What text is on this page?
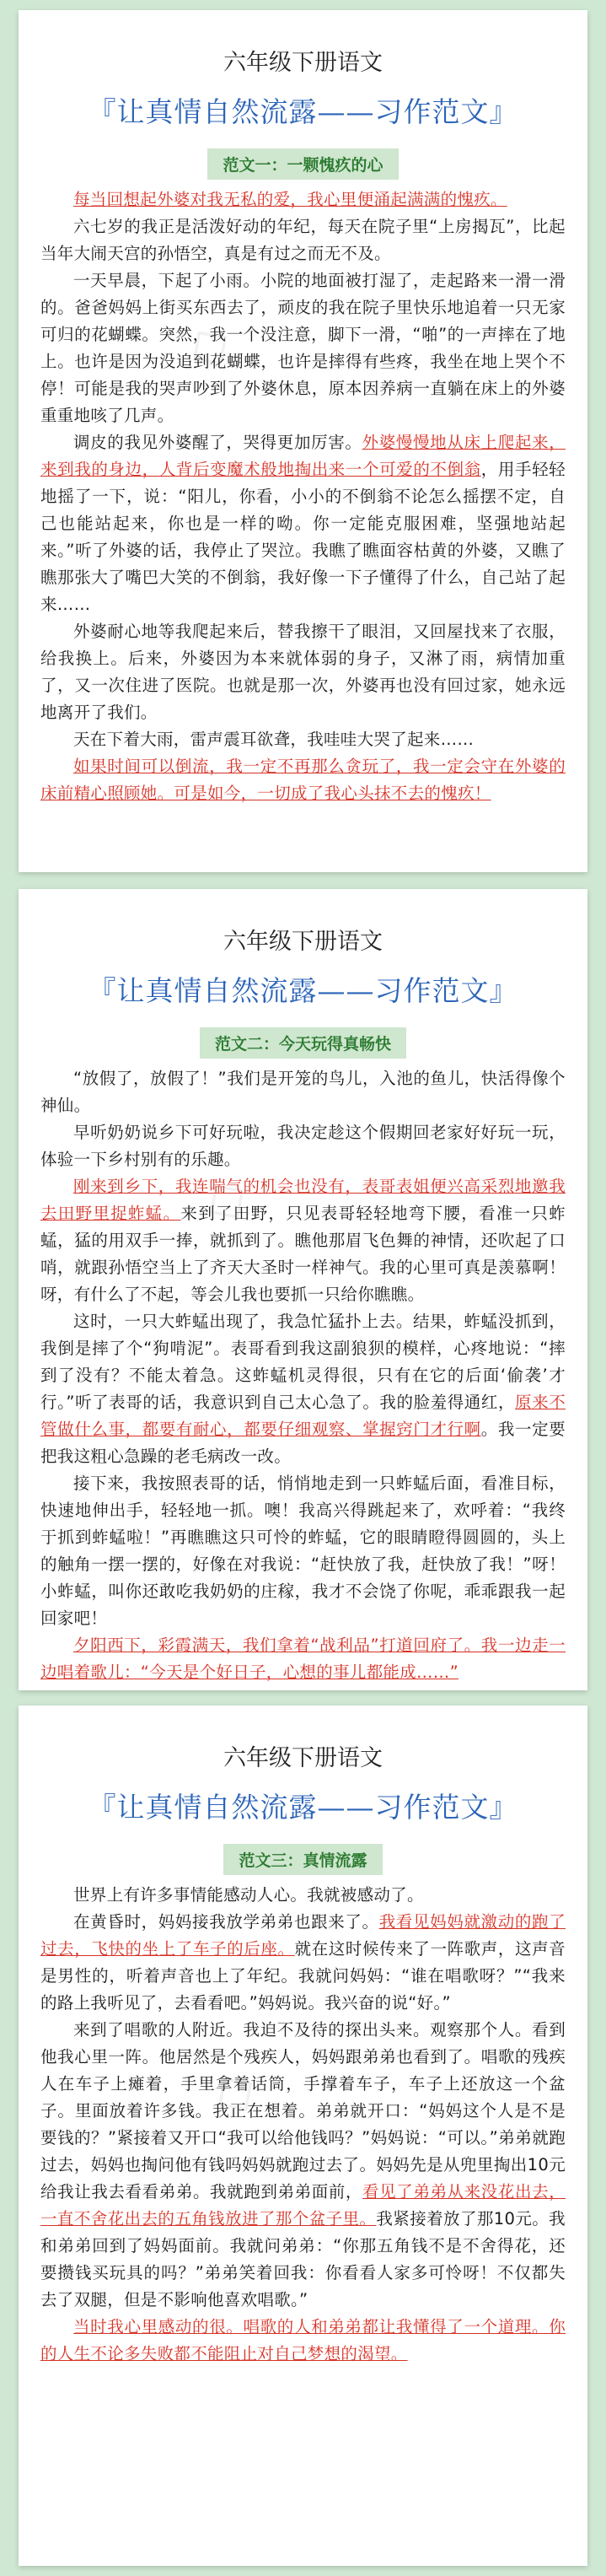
六年级下册语文
『让真情自然流露——习作范文』
范文一：一颗愧疚的心

每当回想起外婆对我无私的爱，我心里便涌起满满的愧疚。

六七岁的我正是活泼好动的年纪，每天在院子里“上房揭瓦”，比起当年大闹天宫的孙悟空，真是有过之而无不及。

一天早晨，下起了小雨。小院的地面被打湿了，走起路来一滑一滑的。爸爸妈妈上街买东西去了，顽皮的我在院子里快乐地追着一只无家可归的花蝴蝶。突然，我一个没注意，脚下一滑，“啪”的一声摔在了地上。也许是因为没追到花蝴蝶，也许是摔得有些疼，我坐在地上哭个不停！可能是我的哭声吵到了外婆休息，原本因养病一直躺在床上的外婆重重地咳了几声。

调皮的我见外婆醒了，哭得更加厉害。外婆慢慢地从床上爬起来，来到我的身边，人背后变魔术般地掏出来一个可爱的不倒翁，用手轻轻地摇了一下，说：“阳儿，你看，小小的不倒翁不论怎么摇摆不定，自己也能站起来，你也是一样的呦。你一定能克服困难，坚强地站起来。”听了外婆的话，我停止了哭泣。我瞧了瞧面容枯黄的外婆，又瞧了瞧那张大了嘴巴大笑的不倒翁，我好像一下子懂得了什么，自己站了起来……

外婆耐心地等我爬起来后，替我擦干了眼泪，又回屋找来了衣服，给我换上。后来，外婆因为本来就体弱的身子，又淋了雨，病情加重了，又一次住进了医院。也就是那一次，外婆再也没有回过家，她永远地离开了我们。

天在下着大雨，雷声震耳欲聋，我哇哇大哭了起来……

如果时间可以倒流，我一定不再那么贪玩了，我一定会守在外婆的床前精心照顾她。可是如今，一切成了我心头抹不去的愧疚！

◇
六年级下册语文
『让真情自然流露——习作范文』
范文二：今天玩得真畅快

“放假了，放假了！”我们是开笼的鸟儿，入池的鱼儿，快活得像个神仙。

早听奶奶说乡下可好玩啦，我决定趁这个假期回老家好好玩一玩，体验一下乡村别有的乐趣。

刚来到乡下，我连喘气的机会也没有，表哥表姐便兴高采烈地邀我去田野里捉蚱蜢。来到了田野，只见表哥轻轻地弯下腰，看准一只蚱蜢，猛的用双手一捧，就抓到了。瞧他那眉飞色舞的神情，还吹起了口哨，就跟孙悟空当上了齐天大圣时一样神气。我的心里可真是羡慕啊！呀，有什么了不起，等会儿我也要抓一只给你瞧瞧。

这时，一只大蚱蜢出现了，我急忙猛扑上去。结果，蚱蜢没抓到，我倒是摔了个“狗啃泥”。表哥看到我这副狼狈的模样，心疼地说：“摔到了没有？不能太着急。这蚱蜢机灵得很，只有在它的后面‘偷袭’才行。”听了表哥的话，我意识到自己太心急了。我的脸羞得通红，原来不管做什么事，都要有耐心，都要仔细观察、掌握窍门才行啊。我一定要把我这粗心急躁的老毛病改一改。

接下来，我按照表哥的话，悄悄地走到一只蚱蜢后面，看准目标，快速地伸出手，轻轻地一抓。噢！我高兴得跳起来了，欢呼着：“我终于抓到蚱蜢啦！”再瞧瞧这只可怜的蚱蜢，它的眼睛瞪得圆圆的，头上的触角一摆一摆的，好像在对我说：“赶快放了我，赶快放了我！”呀！小蚱蜢，叫你还敢吃我奶奶的庄稼，我才不会饶了你呢，乖乖跟我一起回家吧！

夕阳西下，彩霞满天，我们拿着“战利品”打道回府了。我一边走一边唱着歌儿：“今天是个好日子，心想的事儿都能成……”

◇
六年级下册语文
『让真情自然流露——习作范文』
范文三：真情流露

世界上有许多事情能感动人心。我就被感动了。

在黄昏时，妈妈接我放学弟弟也跟来了。我看见妈妈就激动的跑了过去，飞快的坐上了车子的后座。就在这时候传来了一阵歌声，这声音是男性的，听着声音也上了年纪。我就问妈妈：“谁在唱歌呀？”“我来的路上我听见了，去看看吧。”妈妈说。我兴奋的说“好。”

来到了唱歌的人附近。我迫不及待的探出头来。观察那个人。看到他我心里一阵。他居然是个残疾人，妈妈跟弟弟也看到了。唱歌的残疾人在车子上瘫着，手里拿着话筒，手撑着车子，车子上还放这一个盆子。里面放着许多钱。我正在想着。弟弟就开口：“妈妈这个人是不是要钱的？”紧接着又开口“我可以给他钱吗？”妈妈说：“可以。”弟弟就跑过去，妈妈也掏问他有钱吗妈妈就跑过去了。妈妈先是从兜里掏出10元给我让我去看看弟弟。我就跑到弟弟面前，看见了弟弟从来没花出去，一直不舍花出去的五角钱放进了那个盆子里。我紧接着放了那10元。我和弟弟回到了妈妈面前。我就问弟弟：“你那五角钱不是不舍得花，还要攒钱买玩具的吗？”弟弟笑着回我：你看看人家多可怜呀！不仅都失去了双腿，但是不影响他喜欢唱歌。”

当时我心里感动的很。唱歌的人和弟弟都让我懂得了一个道理。你的人生不论多失败都不能阻止对自己梦想的渴望。

◇
